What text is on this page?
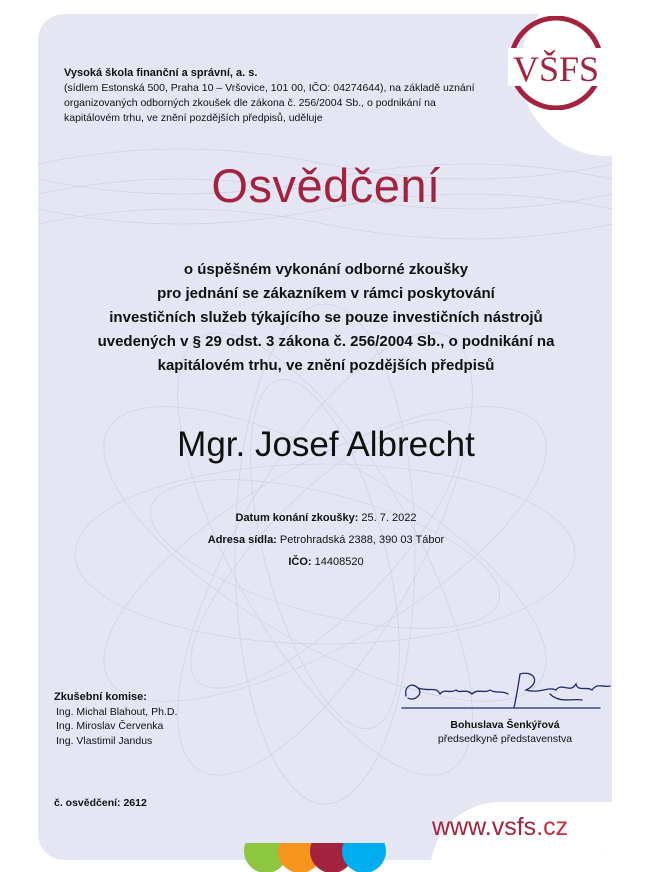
VŠFS
Vysoká škola finanční a správní, a. s.
(sídlem Estonská 500, Praha 10 – Vršovice, 101 00, IČO: 04274644), na základě uznání organizovaných odborných zkoušek dle zákona č. 256/2004 Sb., o podnikání na kapitálovém trhu, ve znění pozdějších předpisů, uděluje
Osvědčení
o úspěšném vykonání odborné zkoušky
pro jednání se zákazníkem v rámci poskytování
investičních služeb týkajícího se pouze investičních nástrojů
uvedených v § 29 odst. 3 zákona č. 256/2004 Sb., o podnikání na
kapitálovém trhu, ve znění pozdějších předpisů
Mgr. Josef Albrecht
Datum konání zkoušky: 25. 7. 2022
Adresa sídla: Petrohradská 2388, 390 03 Tábor
IČO: 14408520
Zkušební komise:
Ing. Michal Blahout, Ph.D.
Ing. Miroslav Červenka
Ing. Vlastimil Jandus
Bohuslava Šenkýřová
předsedkyně představenstva
č. osvědčení: 2612
www.vsfs.cz
